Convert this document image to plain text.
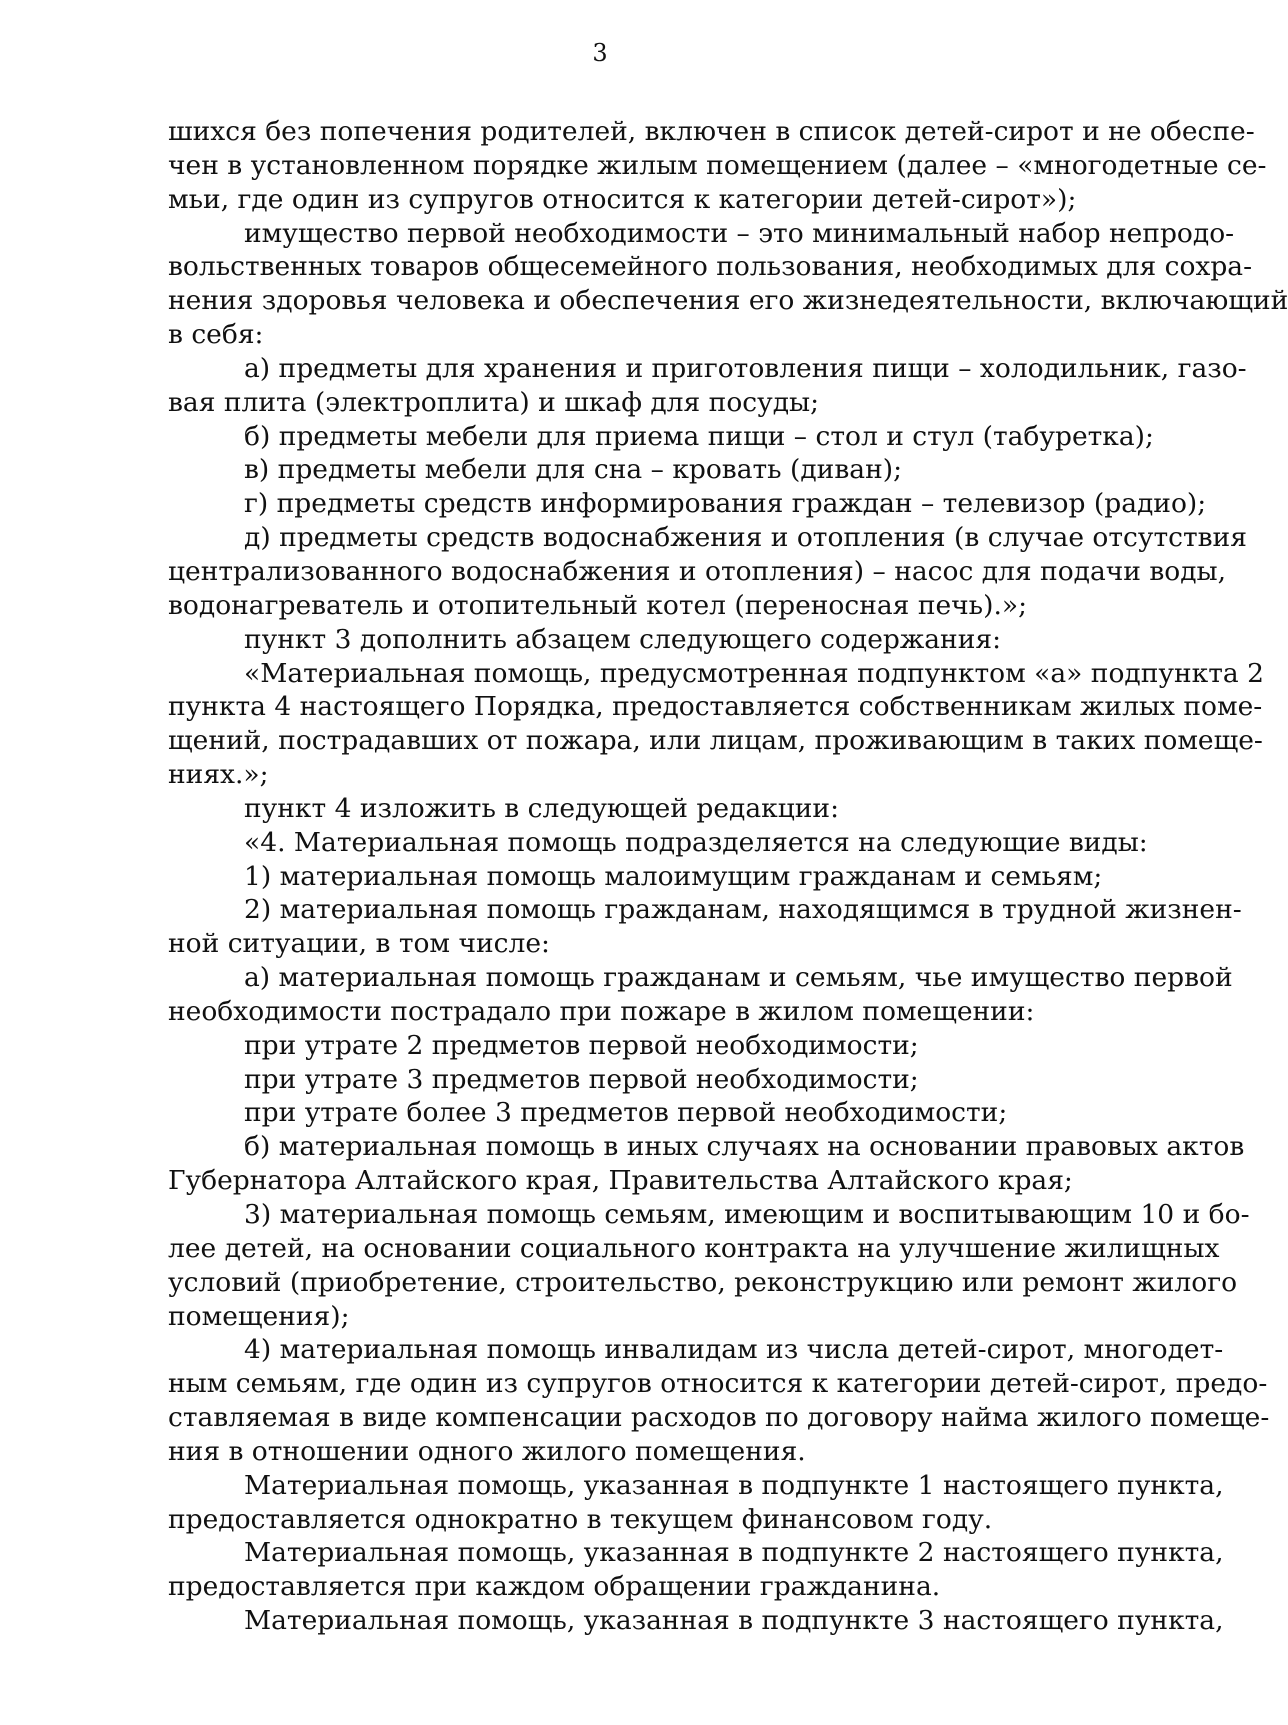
3
шихся без попечения родителей, включен в список детей-сирот и не обеспе-
чен в установленном порядке жилым помещением (далее – «многодетные се-
мьи, где один из супругов относится к категории детей-сирот»);
имущество первой необходимости – это минимальный набор непродо-
вольственных товаров общесемейного пользования, необходимых для сохра-
нения здоровья человека и обеспечения его жизнедеятельности, включающий
в себя:
а) предметы для хранения и приготовления пищи – холодильник, газо-
вая плита (электроплита) и шкаф для посуды;
б) предметы мебели для приема пищи – стол и стул (табуретка);
в) предметы мебели для сна – кровать (диван);
г) предметы средств информирования граждан – телевизор (радио);
д) предметы средств водоснабжения и отопления (в случае отсутствия
централизованного водоснабжения и отопления) – насос для подачи воды,
водонагреватель и отопительный котел (переносная печь).»;
пункт 3 дополнить абзацем следующего содержания:
«Материальная помощь, предусмотренная подпунктом «а» подпункта 2
пункта 4 настоящего Порядка, предоставляется собственникам жилых поме-
щений, пострадавших от пожара, или лицам, проживающим в таких помеще-
ниях.»;
пункт 4 изложить в следующей редакции:
«4. Материальная помощь подразделяется на следующие виды:
1) материальная помощь малоимущим гражданам и семьям;
2) материальная помощь гражданам, находящимся в трудной жизнен-
ной ситуации, в том числе:
а) материальная помощь гражданам и семьям, чье имущество первой
необходимости пострадало при пожаре в жилом помещении:
при утрате 2 предметов первой необходимости;
при утрате 3 предметов первой необходимости;
при утрате более 3 предметов первой необходимости;
б) материальная помощь в иных случаях на основании правовых актов
Губернатора Алтайского края, Правительства Алтайского края;
3) материальная помощь семьям, имеющим и воспитывающим 10 и бо-
лее детей, на основании социального контракта на улучшение жилищных
условий (приобретение, строительство, реконструкцию или ремонт жилого
помещения);
4) материальная помощь инвалидам из числа детей-сирот, многодет-
ным семьям, где один из супругов относится к категории детей-сирот, предо-
ставляемая в виде компенсации расходов по договору найма жилого помеще-
ния в отношении одного жилого помещения.
Материальная помощь, указанная в подпункте 1 настоящего пункта,
предоставляется однократно в текущем финансовом году.
Материальная помощь, указанная в подпункте 2 настоящего пункта,
предоставляется при каждом обращении гражданина.
Материальная помощь, указанная в подпункте 3 настоящего пункта,
